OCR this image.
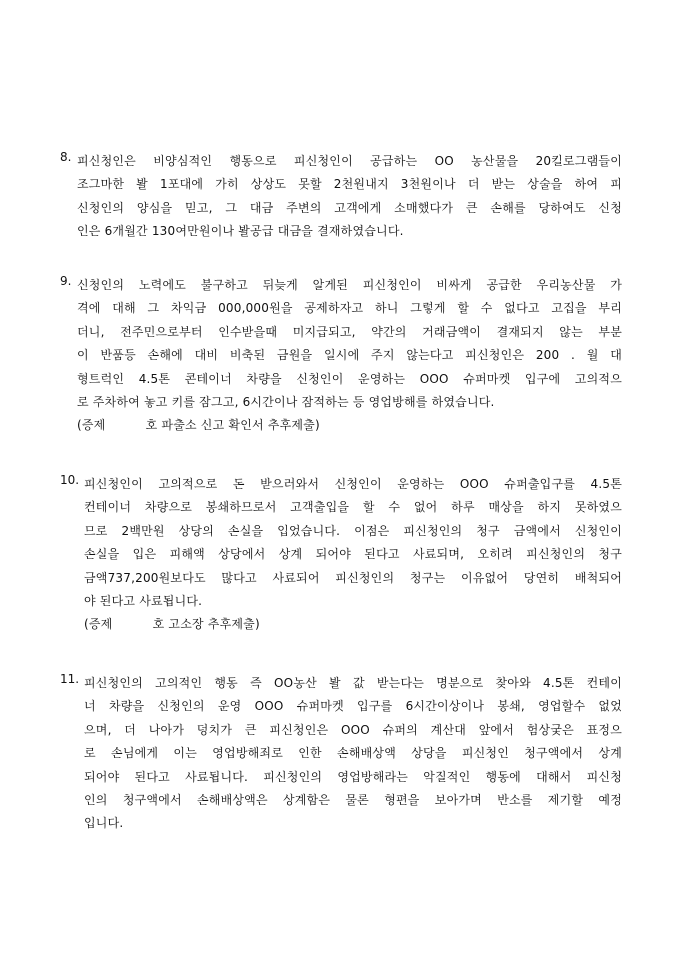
8. 피신청인은 비양심적인 행동으로 피신청인이 공급하는 OO 농산물을 20킬로그램들이
조그마한 봘 1포대에 가히 상상도 못할 2천원내지 3천원이나 더 받는 상술을 하여 피
신청인의 양심을 믿고, 그 대금 주변의 고객에게 소매했다가 큰 손해를 당하여도 신청
인은 6개월간 130여만원이나 봘공급 대금을 결재하였습니다.
9. 신청인의 노력에도 불구하고 뒤늦게 알게된 피신청인이 비싸게 공급한 우리농산물 가
격에 대해 그 차익금 000,000원을 공제하자고 하니 그렇게 할 수 없다고 고집을 부리
더니, 전주민으로부터 인수받을때 미지급되고, 약간의 거래금액이 결재되지 않는 부분
이 반품등 손해에 대비 비축된 금원을 일시에 주지 않는다고 피신청인은 200 . 월 대
형트럭인 4.5톤 콘테이너 차량을 신청인이 운영하는 OOO 슈퍼마켓 입구에 고의적으
로 주차하여 놓고 키를 잠그고, 6시간이나 잠적하는 등 영업방해를 하였습니다.
(증제          호 파출소 신고 확인서 추후제출)
10. 피신청인이 고의적으로 돈 받으러와서 신청인이 운영하는 OOO 슈퍼출입구를 4.5톤
컨테이너 차량으로 봉쇄하므로서 고객출입을 할 수 없어 하루 매상을 하지 못하였으
므로 2백만원 상당의 손실을 입었습니다. 이점은 피신청인의 청구 금액에서 신청인이
손실을 입은 피해액 상당에서 상계 되어야 된다고 사료되며, 오히려 피신청인의 청구
금액737,200원보다도 많다고 사료되어 피신청인의 청구는 이유없어 당연히 배척되어
야 된다고 사료됩니다.
(증제          호 고소장 추후제출)
11. 피신청인의 고의적인 행동 즉 OO농산 봘 값 받는다는 명분으로 찾아와 4.5톤 컨테이
너 차량을 신청인의 운영 OOO 슈퍼마켓 입구를 6시간이상이나 봉쇄, 영업할수 없었
으며, 더 나아가 덩치가 큰 피신청인은 OOO 슈퍼의 계산대 앞에서 험상궂은 표정으
로 손님에게 이는 영업방해죄로 인한 손해배상액 상당을 피신청인 청구액에서 상계
되어야 된다고 사료됩니다. 피신청인의 영업방해라는 악질적인 행동에 대해서 피신청
인의 청구액에서 손해배상액은 상계함은 물론 형편을 보아가며 반소를 제기할 예정
입니다.
